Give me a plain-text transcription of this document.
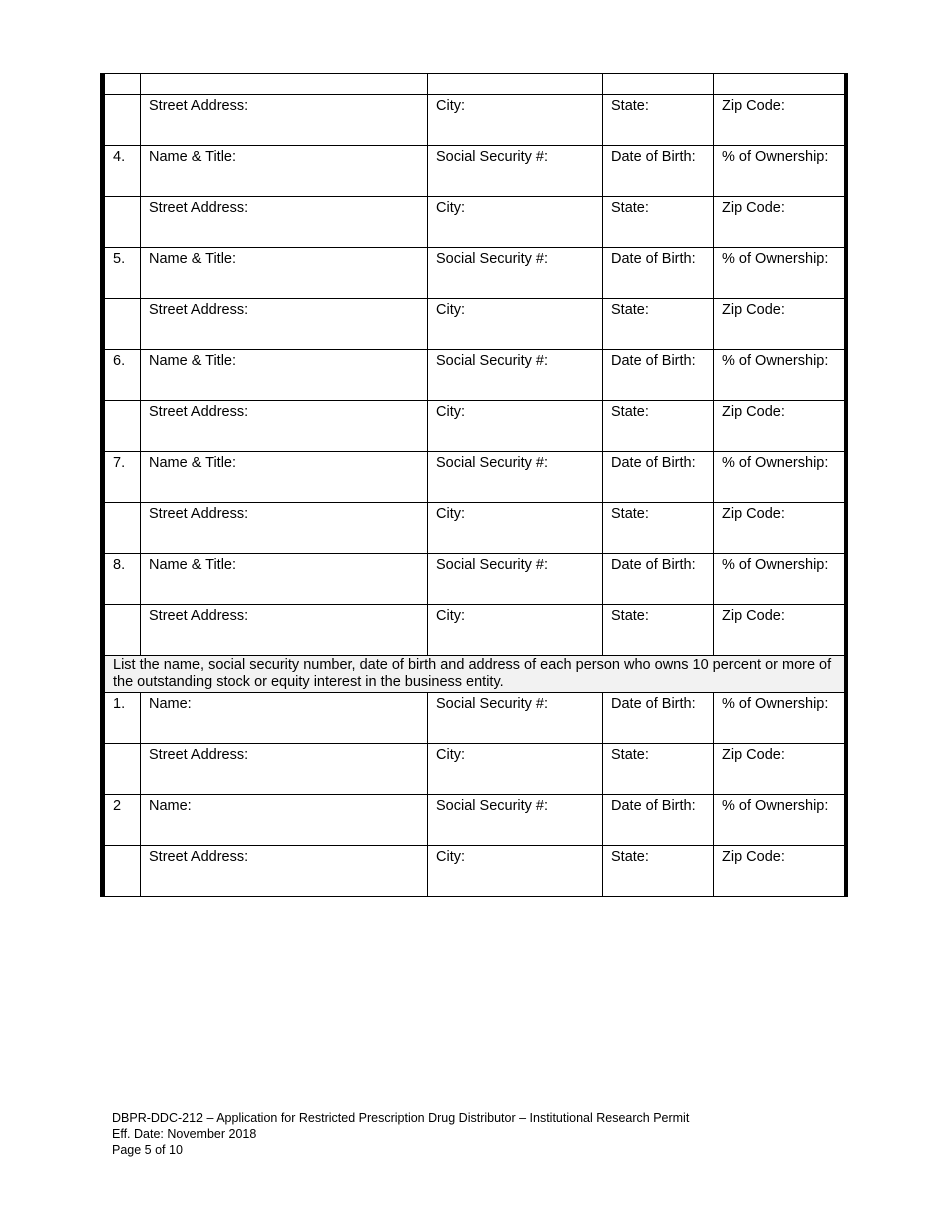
	Street Address:	City:	State:	Zip Code:
4.	Name & Title:	Social Security #:	Date of Birth:	% of Ownership:
	Street Address:	City:	State:	Zip Code:
5.	Name & Title:	Social Security #:	Date of Birth:	% of Ownership:
	Street Address:	City:	State:	Zip Code:
6.	Name & Title:	Social Security #:	Date of Birth:	% of Ownership:
	Street Address:	City:	State:	Zip Code:
7.	Name & Title:	Social Security #:	Date of Birth:	% of Ownership:
	Street Address:	City:	State:	Zip Code:
8.	Name & Title:	Social Security #:	Date of Birth:	% of Ownership:
	Street Address:	City:	State:	Zip Code:
List the name, social security number, date of birth and address of each person who owns 10 percent or more of the outstanding stock or equity interest in the business entity.				
1.	Name:	Social Security #:	Date of Birth:	% of Ownership:
	Street Address:	City:	State:	Zip Code:
2	Name:	Social Security #:	Date of Birth:	% of Ownership:
	Street Address:	City:	State:	Zip Code:
DBPR-DDC-212 – Application for Restricted Prescription Drug Distributor – Institutional Research Permit
Eff. Date: November 2018
Page 5 of 10
